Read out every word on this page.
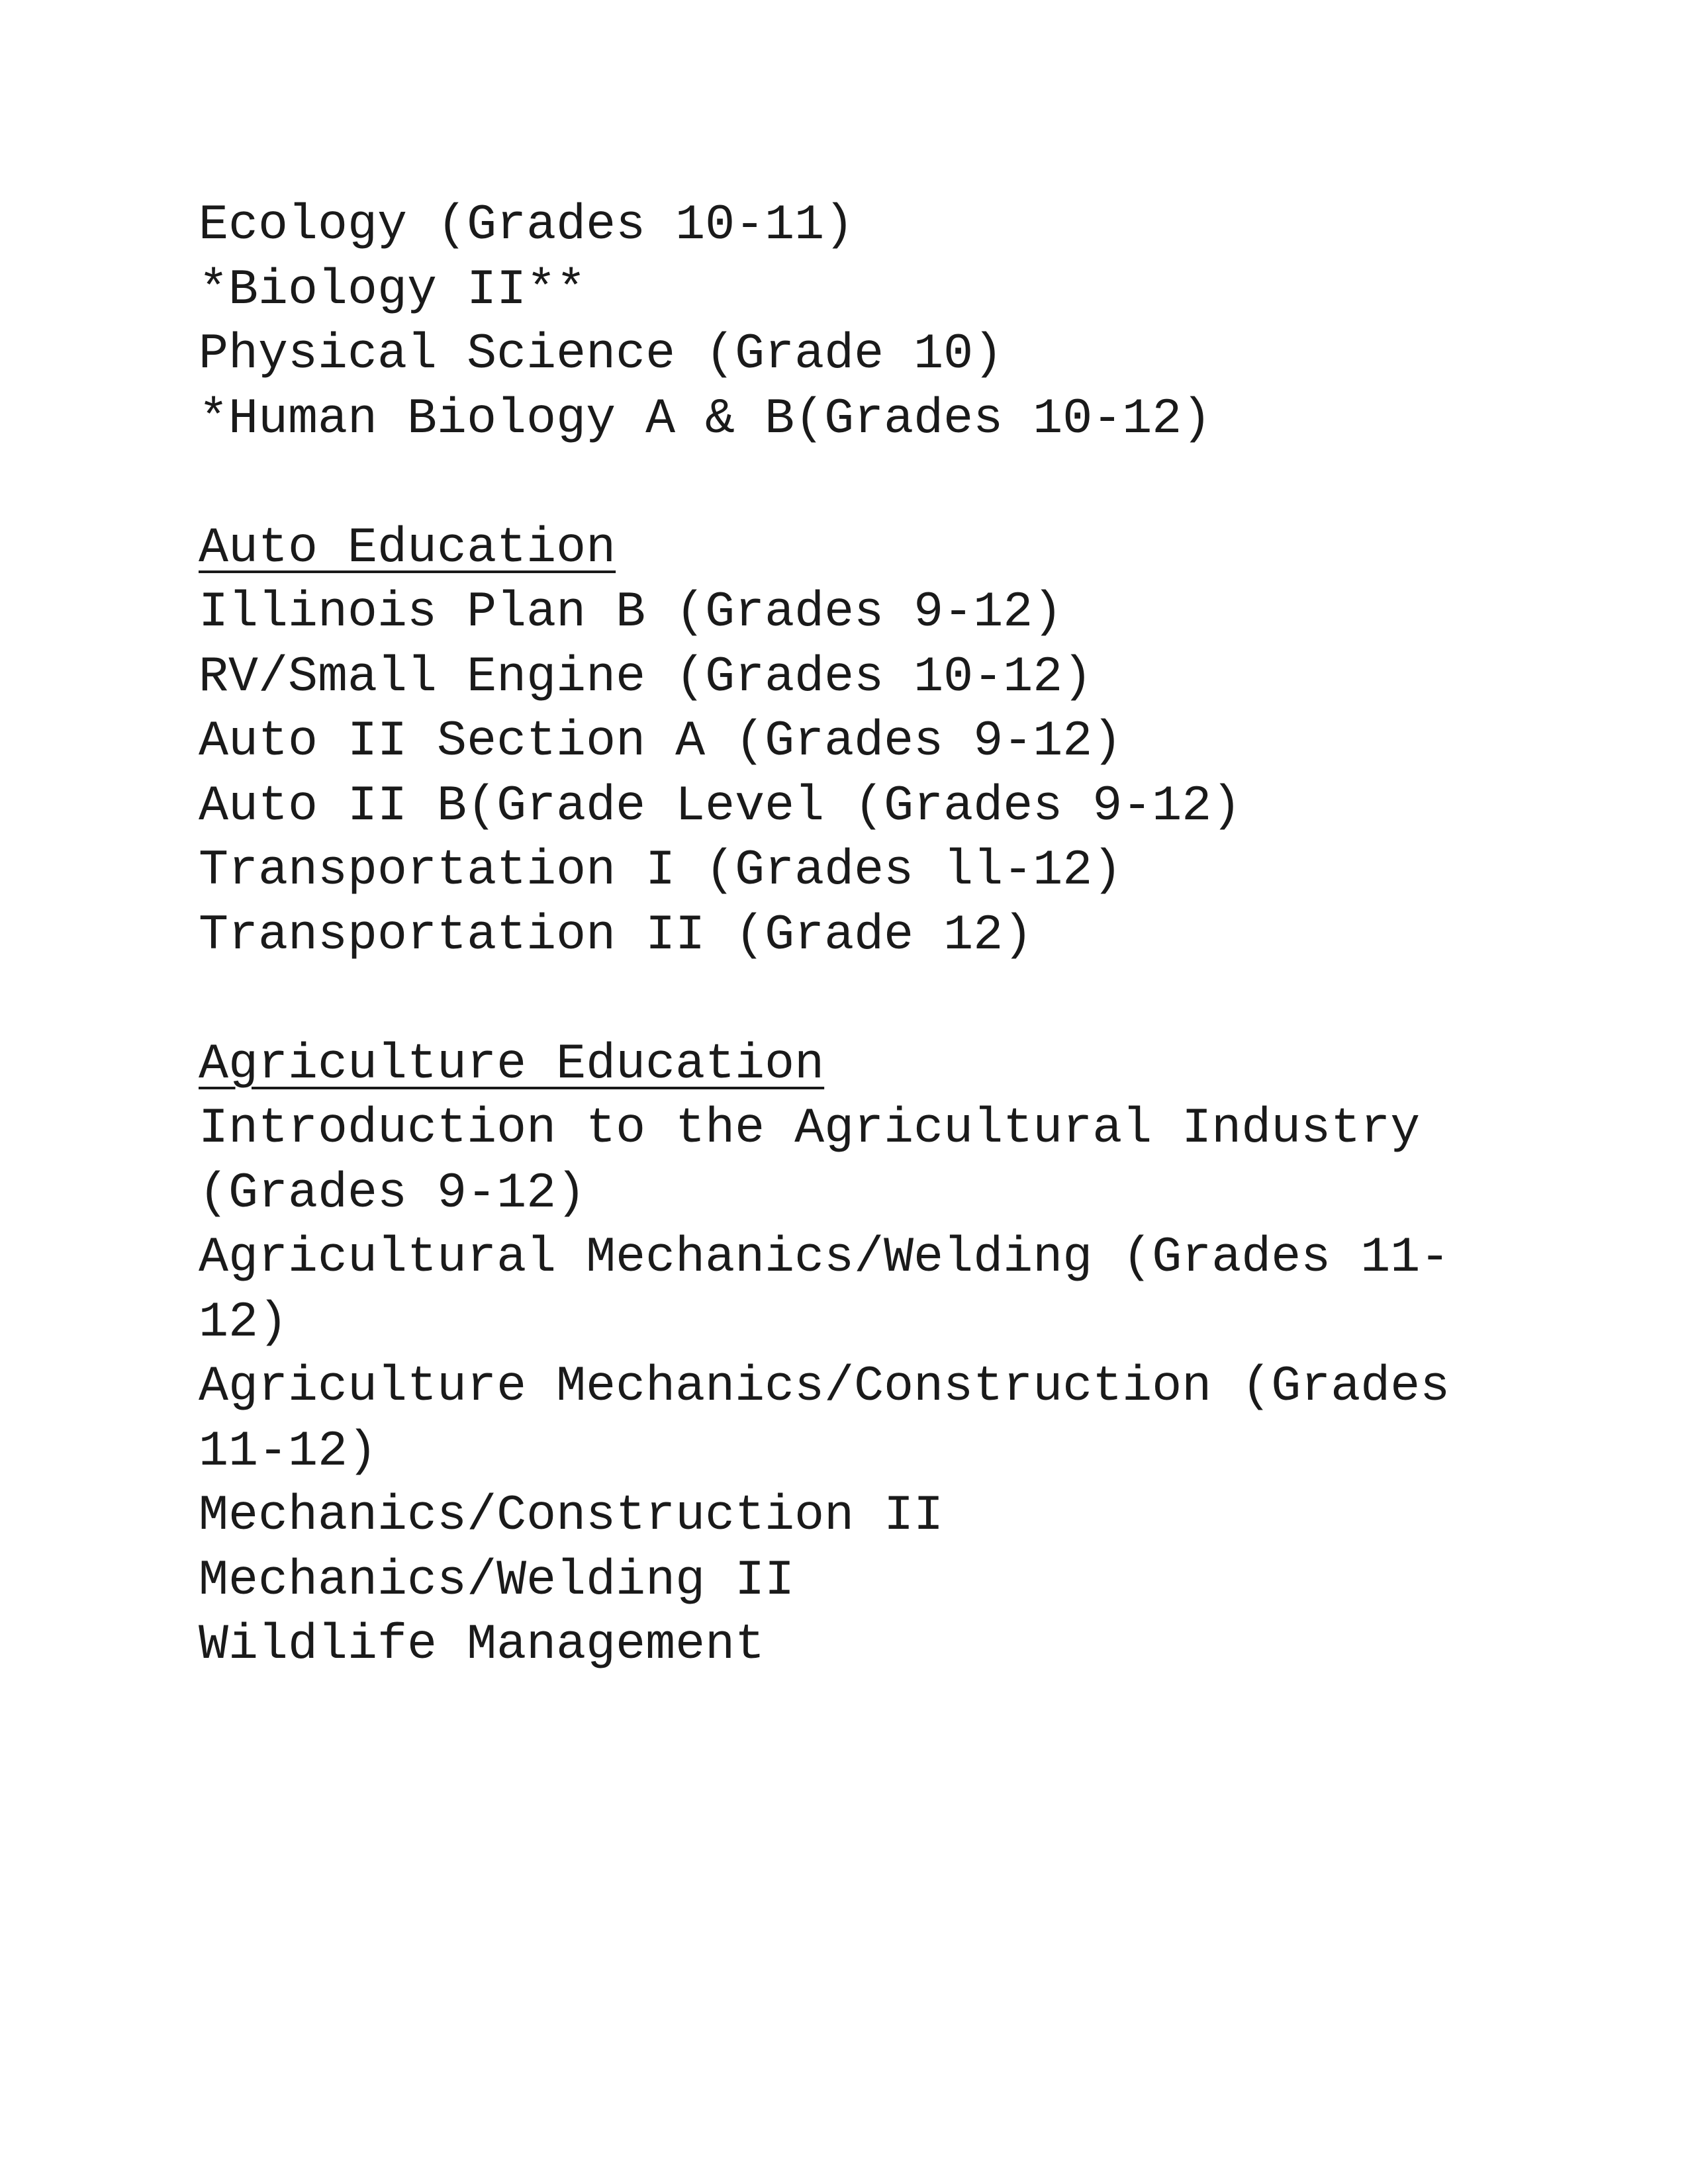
Ecology (Grades 10-11)

*Biology II**

Physical Science (Grade 10)

*Human Biology A & B(Grades 10-12)

Auto Education

Illinois Plan B (Grades 9-12)

RV/Small Engine (Grades 10-12)

Auto II Section A (Grades 9-12)

Auto II B(Grade Level (Grades 9-12)

Transportation I (Grades ll-12)

Transportation II (Grade 12)

Agriculture Education

Introduction to the Agricultural Industry

(Grades 9-12)

Agricultural Mechanics/Welding (Grades 11-

12)

Agriculture Mechanics/Construction (Grades

11-12)

Mechanics/Construction II

Mechanics/Welding II

Wildlife Management
